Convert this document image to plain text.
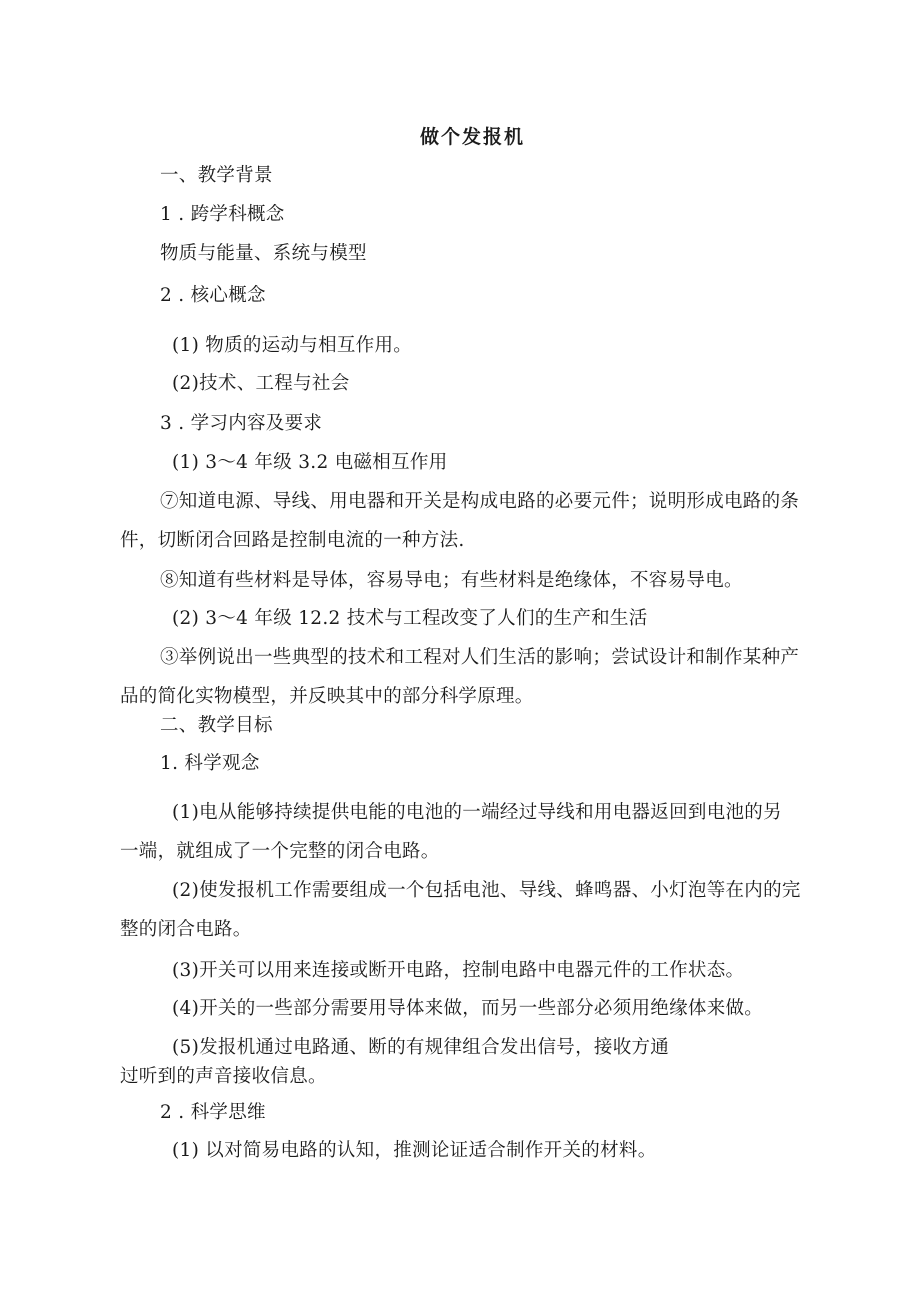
做个发报机
一、教学背景
1 . 跨学科概念
物质与能量、系统与模型
2 . 核心概念
(1) 物质的运动与相互作用。
(2)技术、工程与社会
3 . 学习内容及要求
(1) 3～4 年级 3.2 电磁相互作用
⑦知道电源、导线、用电器和开关是构成电路的必要元件；说明形成电路的条
件，切断闭合回路是控制电流的一种方法.
⑧知道有些材料是导体，容易导电；有些材料是绝缘体，不容易导电。
(2) 3～4 年级 12.2 技术与工程改变了人们的生产和生活
③举例说出一些典型的技术和工程对人们生活的影响；尝试设计和制作某种产
品的简化实物模型，并反映其中的部分科学原理。
二、教学目标
1. 科学观念
(1)电从能够持续提供电能的电池的一端经过导线和用电器返回到电池的另
一端，就组成了一个完整的闭合电路。
(2)使发报机工作需要组成一个包括电池、导线、蜂鸣器、小灯泡等在内的完
整的闭合电路。
(3)开关可以用来连接或断开电路，控制电路中电器元件的工作状态。
(4)开关的一些部分需要用导体来做，而另一些部分必须用绝缘体来做。
(5)发报机通过电路通、断的有规律组合发出信号，接收方通
过听到的声音接收信息。
2 . 科学思维
(1) 以对简易电路的认知，推测论证适合制作开关的材料。
